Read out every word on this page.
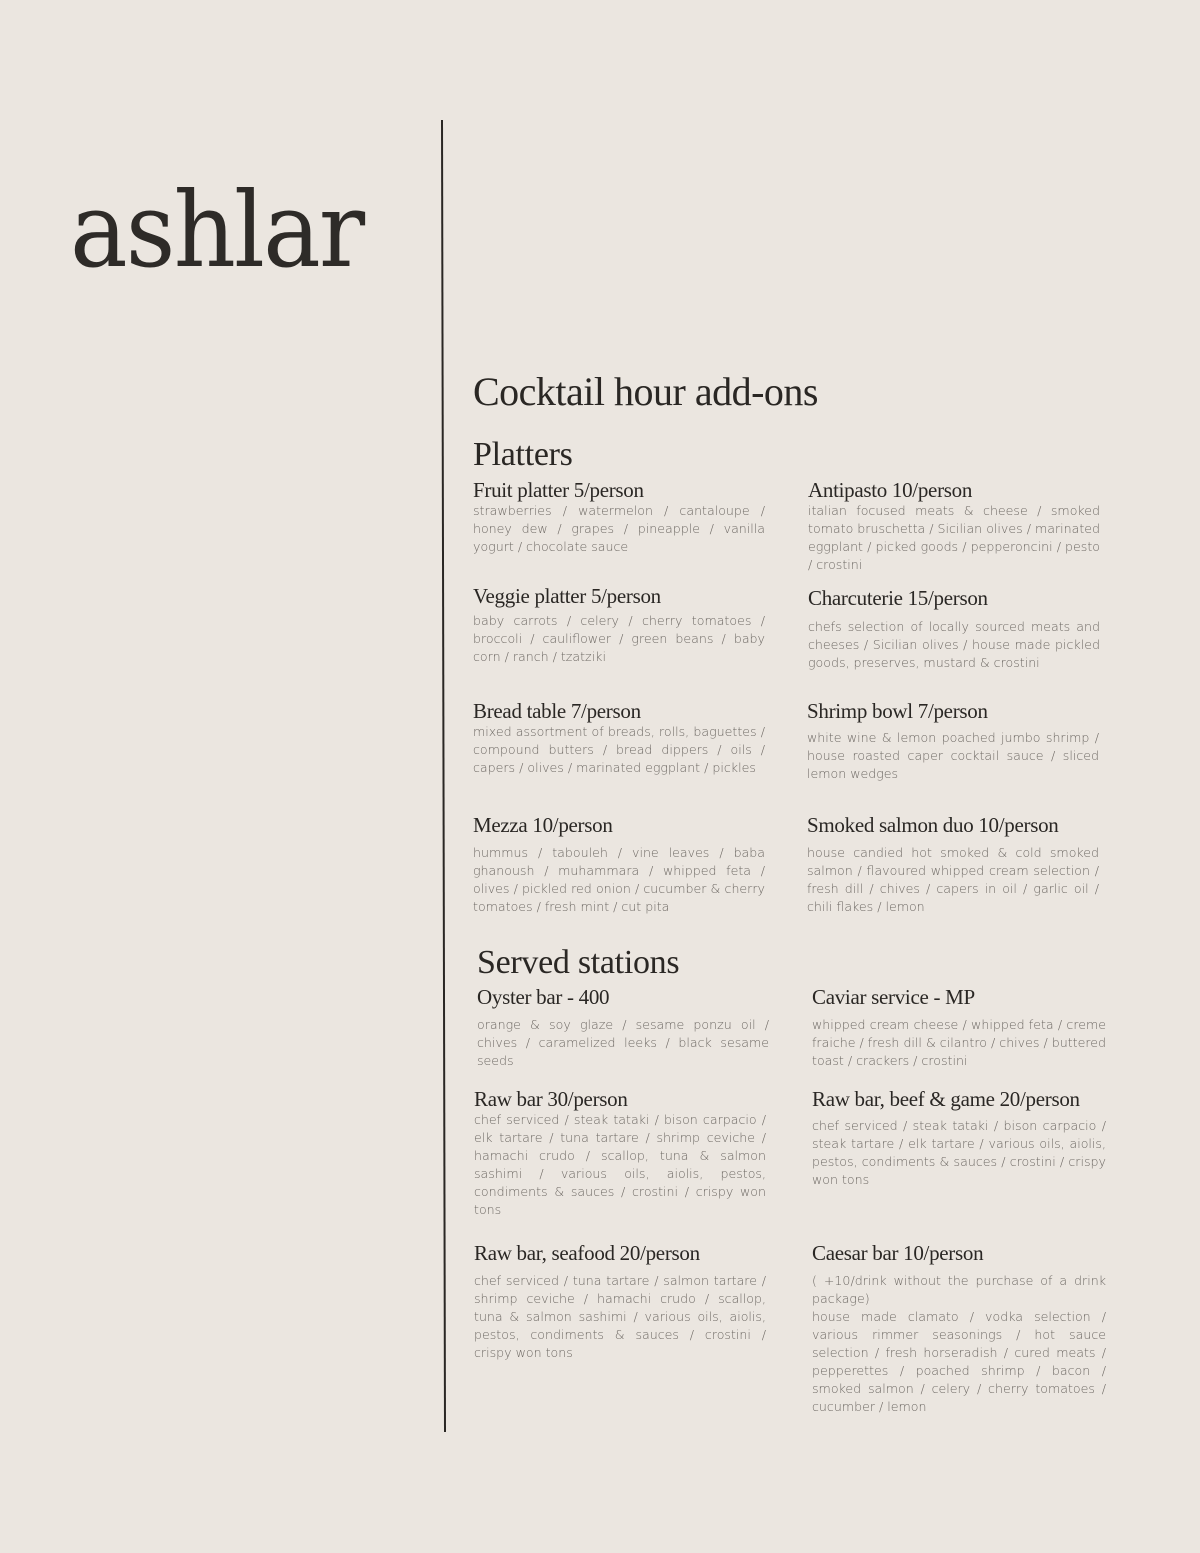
ashlar
Cocktail hour add-ons
Platters
Fruit platter 5/person
strawberries / watermelon / cantaloupe / honey dew / grapes / pineapple / vanilla yogurt / chocolate sauce
Antipasto 10/person
italian focused meats & cheese / smoked tomato bruschetta / Sicilian olives / marinated eggplant / picked goods / pepperoncini / pesto / crostini
Veggie platter 5/person
baby carrots / celery / cherry tomatoes / broccoli / cauliflower / green beans / baby corn / ranch / tzatziki
Charcuterie 15/person
chefs selection of locally sourced meats and cheeses / Sicilian olives / house made pickled goods, preserves, mustard & crostini
Bread table 7/person
mixed assortment of breads, rolls, baguettes / compound butters / bread dippers / oils / capers / olives / marinated eggplant / pickles
Shrimp bowl 7/person
white wine & lemon poached jumbo shrimp / house roasted caper cocktail sauce / sliced lemon wedges
Mezza 10/person
hummus / tabouleh / vine leaves / baba ghanoush / muhammara / whipped feta / olives / pickled red onion / cucumber & cherry tomatoes / fresh mint / cut pita
Smoked salmon duo 10/person
house candied hot smoked & cold smoked salmon / flavoured whipped cream selection / fresh dill / chives / capers in oil / garlic oil / chili flakes / lemon
Served stations
Oyster bar - 400
orange & soy glaze / sesame ponzu oil / chives / caramelized leeks / black sesame seeds
Caviar service - MP
whipped cream cheese / whipped feta / creme fraiche / fresh dill & cilantro / chives / buttered toast / crackers / crostini
Raw bar 30/person
chef serviced / steak tataki / bison carpacio / elk tartare / tuna tartare / shrimp ceviche / hamachi crudo / scallop, tuna & salmon sashimi / various oils, aiolis, pestos, condiments & sauces / crostini / crispy won tons
Raw bar, beef & game 20/person
chef serviced / steak tataki / bison carpacio / steak tartare / elk tartare / various oils, aiolis, pestos, condiments & sauces / crostini / crispy won tons
Raw bar, seafood 20/person
chef serviced / tuna tartare / salmon tartare / shrimp ceviche / hamachi crudo / scallop, tuna & salmon sashimi / various oils, aiolis, pestos, condiments & sauces / crostini / crispy won tons
Caesar bar 10/person
( +10/drink without the purchase of a drink package)
house made clamato / vodka selection / various rimmer seasonings / hot sauce selection / fresh horseradish / cured meats / pepperettes / poached shrimp / bacon / smoked salmon / celery / cherry tomatoes / cucumber / lemon
